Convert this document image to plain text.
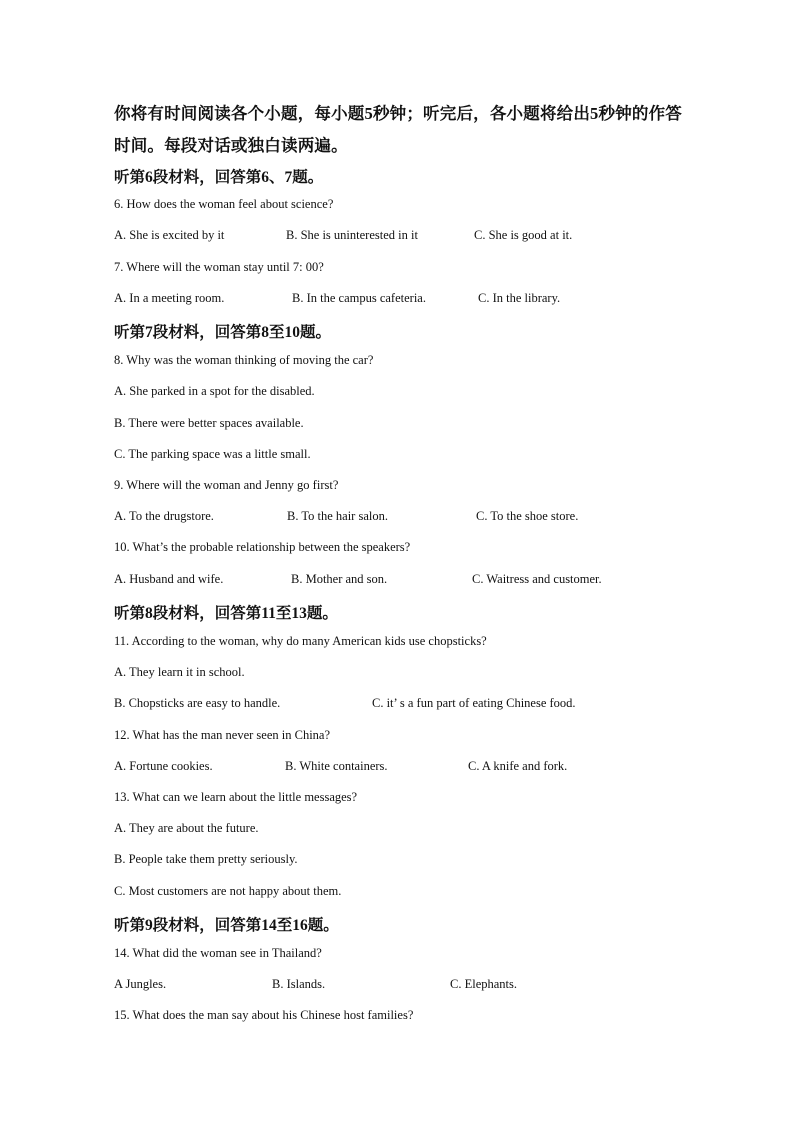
你将有时间阅读各个小题，每小题5秒钟；听完后，各小题将给出5秒钟的作答
时间。每段对话或独白读两遍。
听第6段材料，回答第6、7题。
6. How does the woman feel about science?
A. She is excited by it	B. She is uninterested in it	C. She is good at it.
7. Where will the woman stay until 7: 00?
A. In a meeting room.	B. In the campus cafeteria.	C. In the library.
听第7段材料，回答第8至10题。
8. Why was the woman thinking of moving the car?
A. She parked in a spot for the disabled.
B. There were better spaces available.
C. The parking space was a little small.
9. Where will the woman and Jenny go first?
A. To the drugstore.	B. To the hair salon.	C. To the shoe store.
10. What’s the probable relationship between the speakers?
A. Husband and wife.	B. Mother and son.	C. Waitress and customer.
听第8段材料，回答第11至13题。
11. According to the woman, why do many American kids use chopsticks?
A. They learn it in school.
B. Chopsticks are easy to handle.	C. it’ s a fun part of eating Chinese food.
12. What has the man never seen in China?
A. Fortune cookies.	B. White containers.	C. A knife and fork.
13. What can we learn about the little messages?
A. They are about the future.
B. People take them pretty seriously.
C. Most customers are not happy about them.
听第9段材料，回答第14至16题。
14. What did the woman see in Thailand?
A Jungles.	B. Islands.	C. Elephants.
15. What does the man say about his Chinese host families?
